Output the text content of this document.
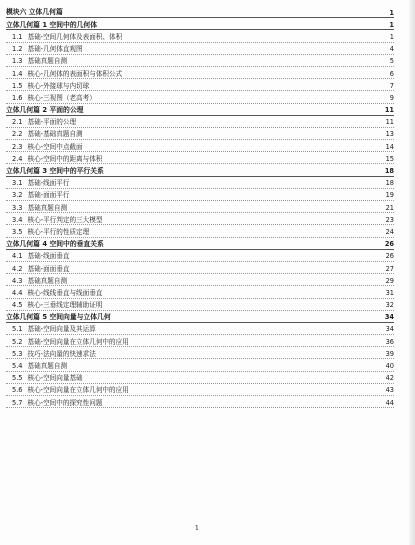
模块六 立体几何篇	1
立体几何篇 1 空间中的几何体	1
1.1 基础-空间几何体及表面积、体积	1
1.2 基础-几何体直观图	4
1.3 基础真题自测	5
1.4 核心-几何体的表面积与体积公式	6
1.5 核心-外接球与内切球	7
1.6 核心-三视图（老高考）	9
立体几何篇 2 平面的公理	11
2.1 基础-平面的公理	11
2.2 基础-基础真题自测	13
2.3 核心-空间中点截面	14
2.4 核心-空间中的距离与体积	15
立体几何篇 3 空间中的平行关系	18
3.1 基础-线面平行	18
3.2 基础-面面平行	19
3.3 基础真题自测	21
3.4 核心-平行判定的三大模型	23
3.5 核心-平行的性质定理	24
立体几何篇 4 空间中的垂直关系	26
4.1 基础-线面垂直	26
4.2 基础-面面垂直	27
4.3 基础真题自测	29
4.4 核心-线线垂直与线面垂直	31
4.5 核心-三垂线定理辅助证明	32
立体几何篇 5 空间向量与立体几何	34
5.1 基础-空间向量及其运算	34
5.2 基础-空间向量在立体几何中的应用	36
5.3 技巧-法向量的快速求法	39
5.4 基础真题自测	40
5.5 核心-空间向量基础	42
5.6 核心-空间向量在立体几何中的应用	43
5.7 核心-空间中的探究性问题	44
1
